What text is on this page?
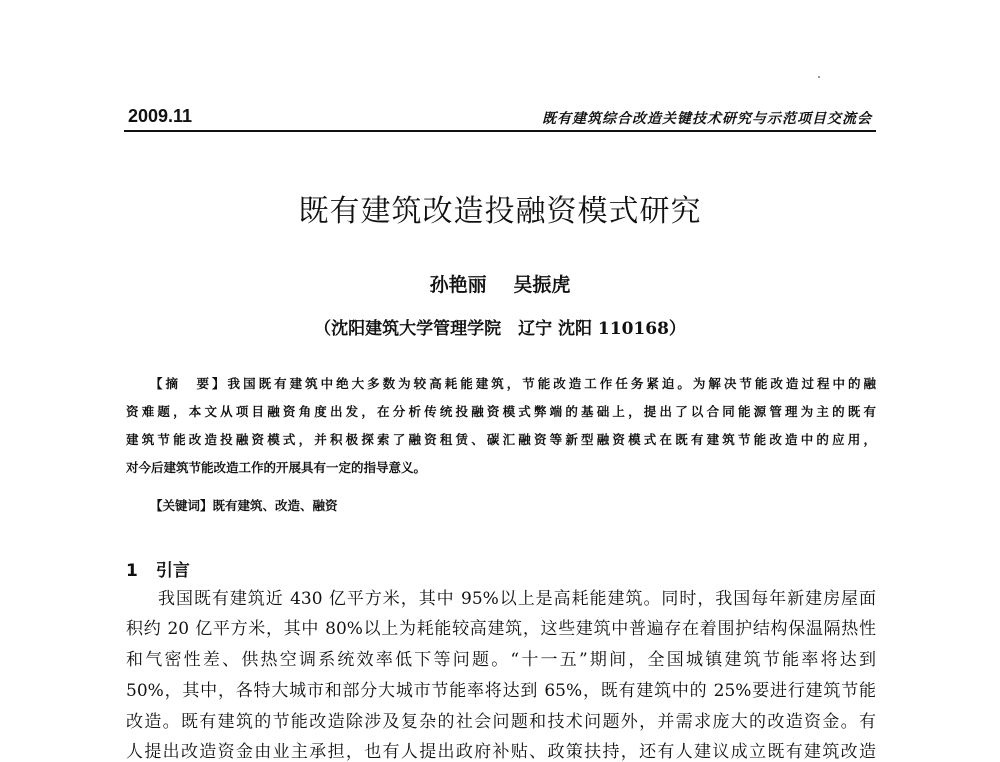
2009.11	既有建筑综合改造关键技术研究与示范项目交流会
既有建筑改造投融资模式研究
孙艳丽 吴振虎
（沈阳建筑大学管理学院　辽宁 沈阳 110168）
【摘　要】我国既有建筑中绝大多数为较高耗能建筑，节能改造工作任务紧迫。为解决节能改造过程中的融
资难题，本文从项目融资角度出发，在分析传统投融资模式弊端的基础上，提出了以合同能源管理为主的既有
建筑节能改造投融资模式，并积极探索了融资租赁、碳汇融资等新型融资模式在既有建筑节能改造中的应用，
对今后建筑节能改造工作的开展具有一定的指导意义。
【关键词】既有建筑、改造、融资
1 引言
我国既有建筑近 430 亿平方米，其中 95%以上是高耗能建筑。同时，我国每年新建房屋面
积约 20 亿平方米，其中 80%以上为耗能较高建筑，这些建筑中普遍存在着围护结构保温隔热性
和气密性差、供热空调系统效率低下等问题。“十一五”期间，全国城镇建筑节能率将达到
50%，其中，各特大城市和部分大城市节能率将达到 65%，既有建筑中的 25%要进行建筑节能
改造。既有建筑的节能改造除涉及复杂的社会问题和技术问题外，并需求庞大的改造资金。有
人提出改造资金由业主承担，也有人提出政府补贴、政策扶持，还有人建议成立既有建筑改造
